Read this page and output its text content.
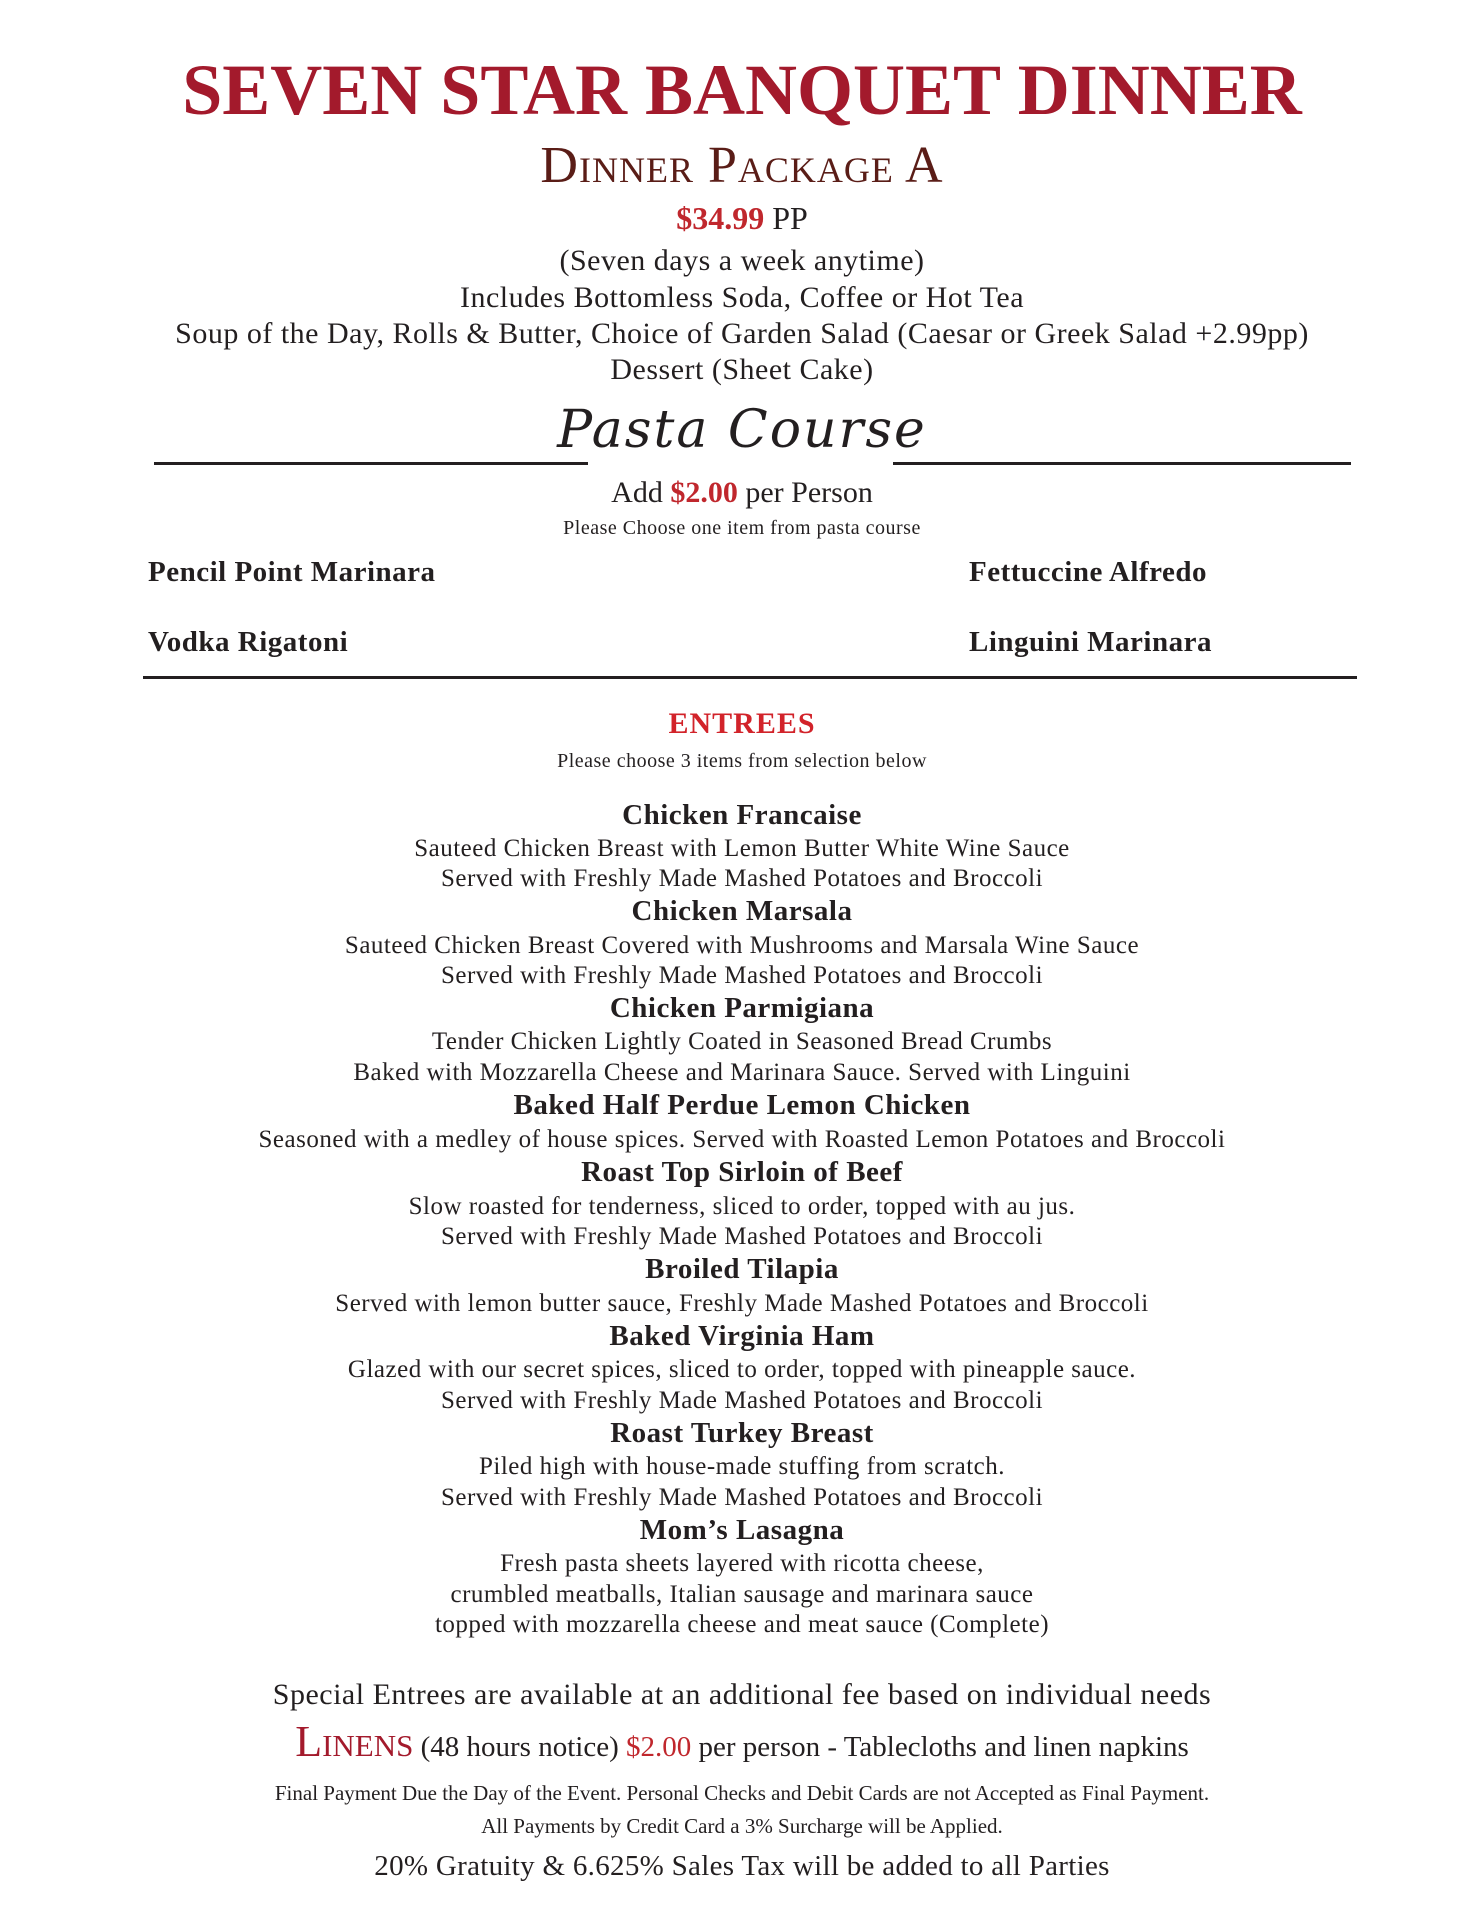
SEVEN STAR BANQUET DINNER
Dinner Package A
$34.99 PP
(Seven days a week anytime)
Includes Bottomless Soda, Coffee or Hot Tea
Soup of the Day, Rolls & Butter, Choice of Garden Salad (Caesar or Greek Salad +2.99pp)
Dessert (Sheet Cake)
Pasta Course
Add $2.00 per Person
Please Choose one item from pasta course
Pencil Point Marinara	Fettuccine Alfredo
Vodka Rigatoni	Linguini Marinara
ENTREES
Please choose 3 items from selection below
Chicken Francaise
Sauteed Chicken Breast with Lemon Butter White Wine Sauce
Served with Freshly Made Mashed Potatoes and Broccoli
Chicken Marsala
Sauteed Chicken Breast Covered with Mushrooms and Marsala Wine Sauce
Served with Freshly Made Mashed Potatoes and Broccoli
Chicken Parmigiana
Tender Chicken Lightly Coated in Seasoned Bread Crumbs
Baked with Mozzarella Cheese and Marinara Sauce. Served with Linguini
Baked Half Perdue Lemon Chicken
Seasoned with a medley of house spices. Served with Roasted Lemon Potatoes and Broccoli
Roast Top Sirloin of Beef
Slow roasted for tenderness, sliced to order, topped with au jus.
Served with Freshly Made Mashed Potatoes and Broccoli
Broiled Tilapia
Served with lemon butter sauce, Freshly Made Mashed Potatoes and Broccoli
Baked Virginia Ham
Glazed with our secret spices, sliced to order, topped with pineapple sauce.
Served with Freshly Made Mashed Potatoes and Broccoli
Roast Turkey Breast
Piled high with house-made stuffing from scratch.
Served with Freshly Made Mashed Potatoes and Broccoli
Mom’s Lasagna
Fresh pasta sheets layered with ricotta cheese,
crumbled meatballs, Italian sausage and marinara sauce
topped with mozzarella cheese and meat sauce (Complete)
Special Entrees are available at an additional fee based on individual needs
Linens (48 hours notice) $2.00 per person - Tablecloths and linen napkins
Final Payment Due the Day of the Event. Personal Checks and Debit Cards are not Accepted as Final Payment.
All Payments by Credit Card a 3% Surcharge will be Applied.
20% Gratuity & 6.625% Sales Tax will be added to all Parties
